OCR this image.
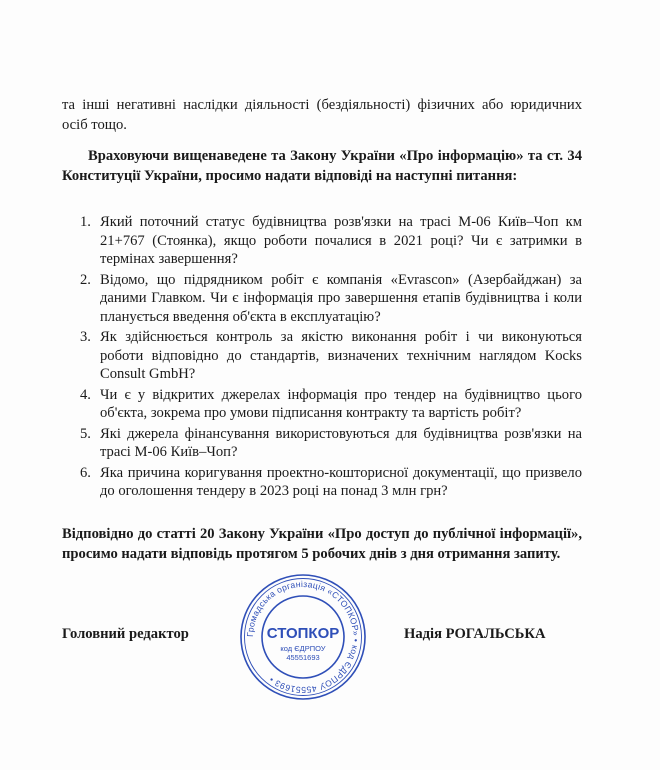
та інші негативні наслідки діяльності (бездіяльності) фізичних або юридичних осіб тощо.
Враховуючи вищенаведене та Закону України «Про інформацію» та ст. 34 Конституції України, просимо надати відповіді на наступні питання:
1. Який поточний статус будівництва розв'язки на трасі М-06 Київ–Чоп км 21+767 (Стоянка), якщо роботи почалися в 2021 році? Чи є затримки в термінах завершення?
2. Відомо, що підрядником робіт є компанія «Evrascon» (Азербайджан) за даними Главком. Чи є інформація про завершення етапів будівництва і коли планується введення об'єкта в експлуатацію?
3. Як здійснюється контроль за якістю виконання робіт і чи виконуються роботи відповідно до стандартів, визначених технічним наглядом Kocks Consult GmbH?
4. Чи є у відкритих джерелах інформація про тендер на будівництво цього об'єкта, зокрема про умови підписання контракту та вартість робіт?
5. Які джерела фінансування використовуються для будівництва розв'язки на трасі М-06 Київ–Чоп?
6. Яка причина коригування проектно-кошторисної документації, що призвело до оголошення тендеру в 2023 році на понад 3 млн грн?
Відповідно до статті 20 Закону України «Про доступ до публічної інформації», просимо надати відповідь протягом 5 робочих днів з дня отримання запиту.
Головний редактор	Надія РОГАЛЬСЬКА
Громадська організація «СТОПКОР» • код ЄДРПОУ 45551693 •
СТОПКОР
код ЄДРПОУ
45551693
